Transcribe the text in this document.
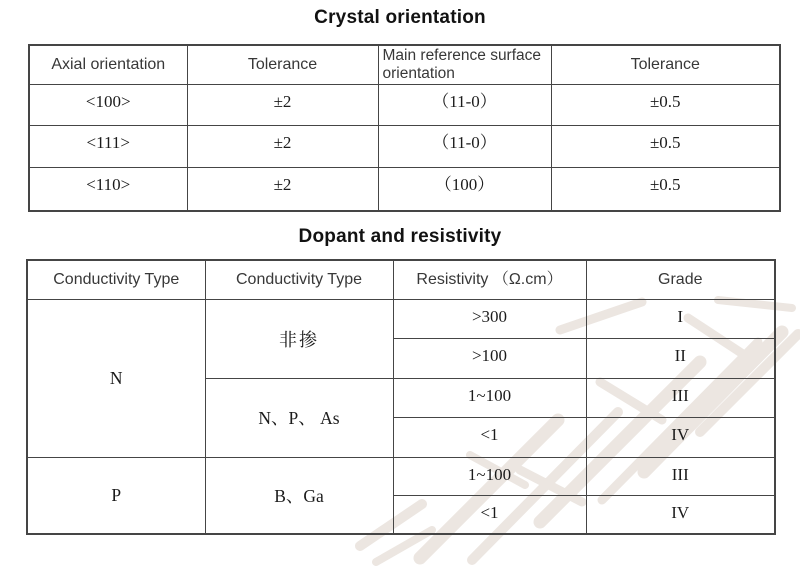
Crystal orientation
Axial orientation	Tolerance	Main reference surface orientation	Tolerance
<100>	±2	（11-0）	±0.5
<111>	±2	（11-0）	±0.5
<110>	±2	（100）	±0.5
Dopant and resistivity
Conductivity Type	Conductivity Type	Resistivity （Ω.cm）	Grade
N	非掺	>300	I
		>100	II
	N、P、 As	1~100	III
		<1	IV
P	B、Ga	1~100	III
		<1	IV
